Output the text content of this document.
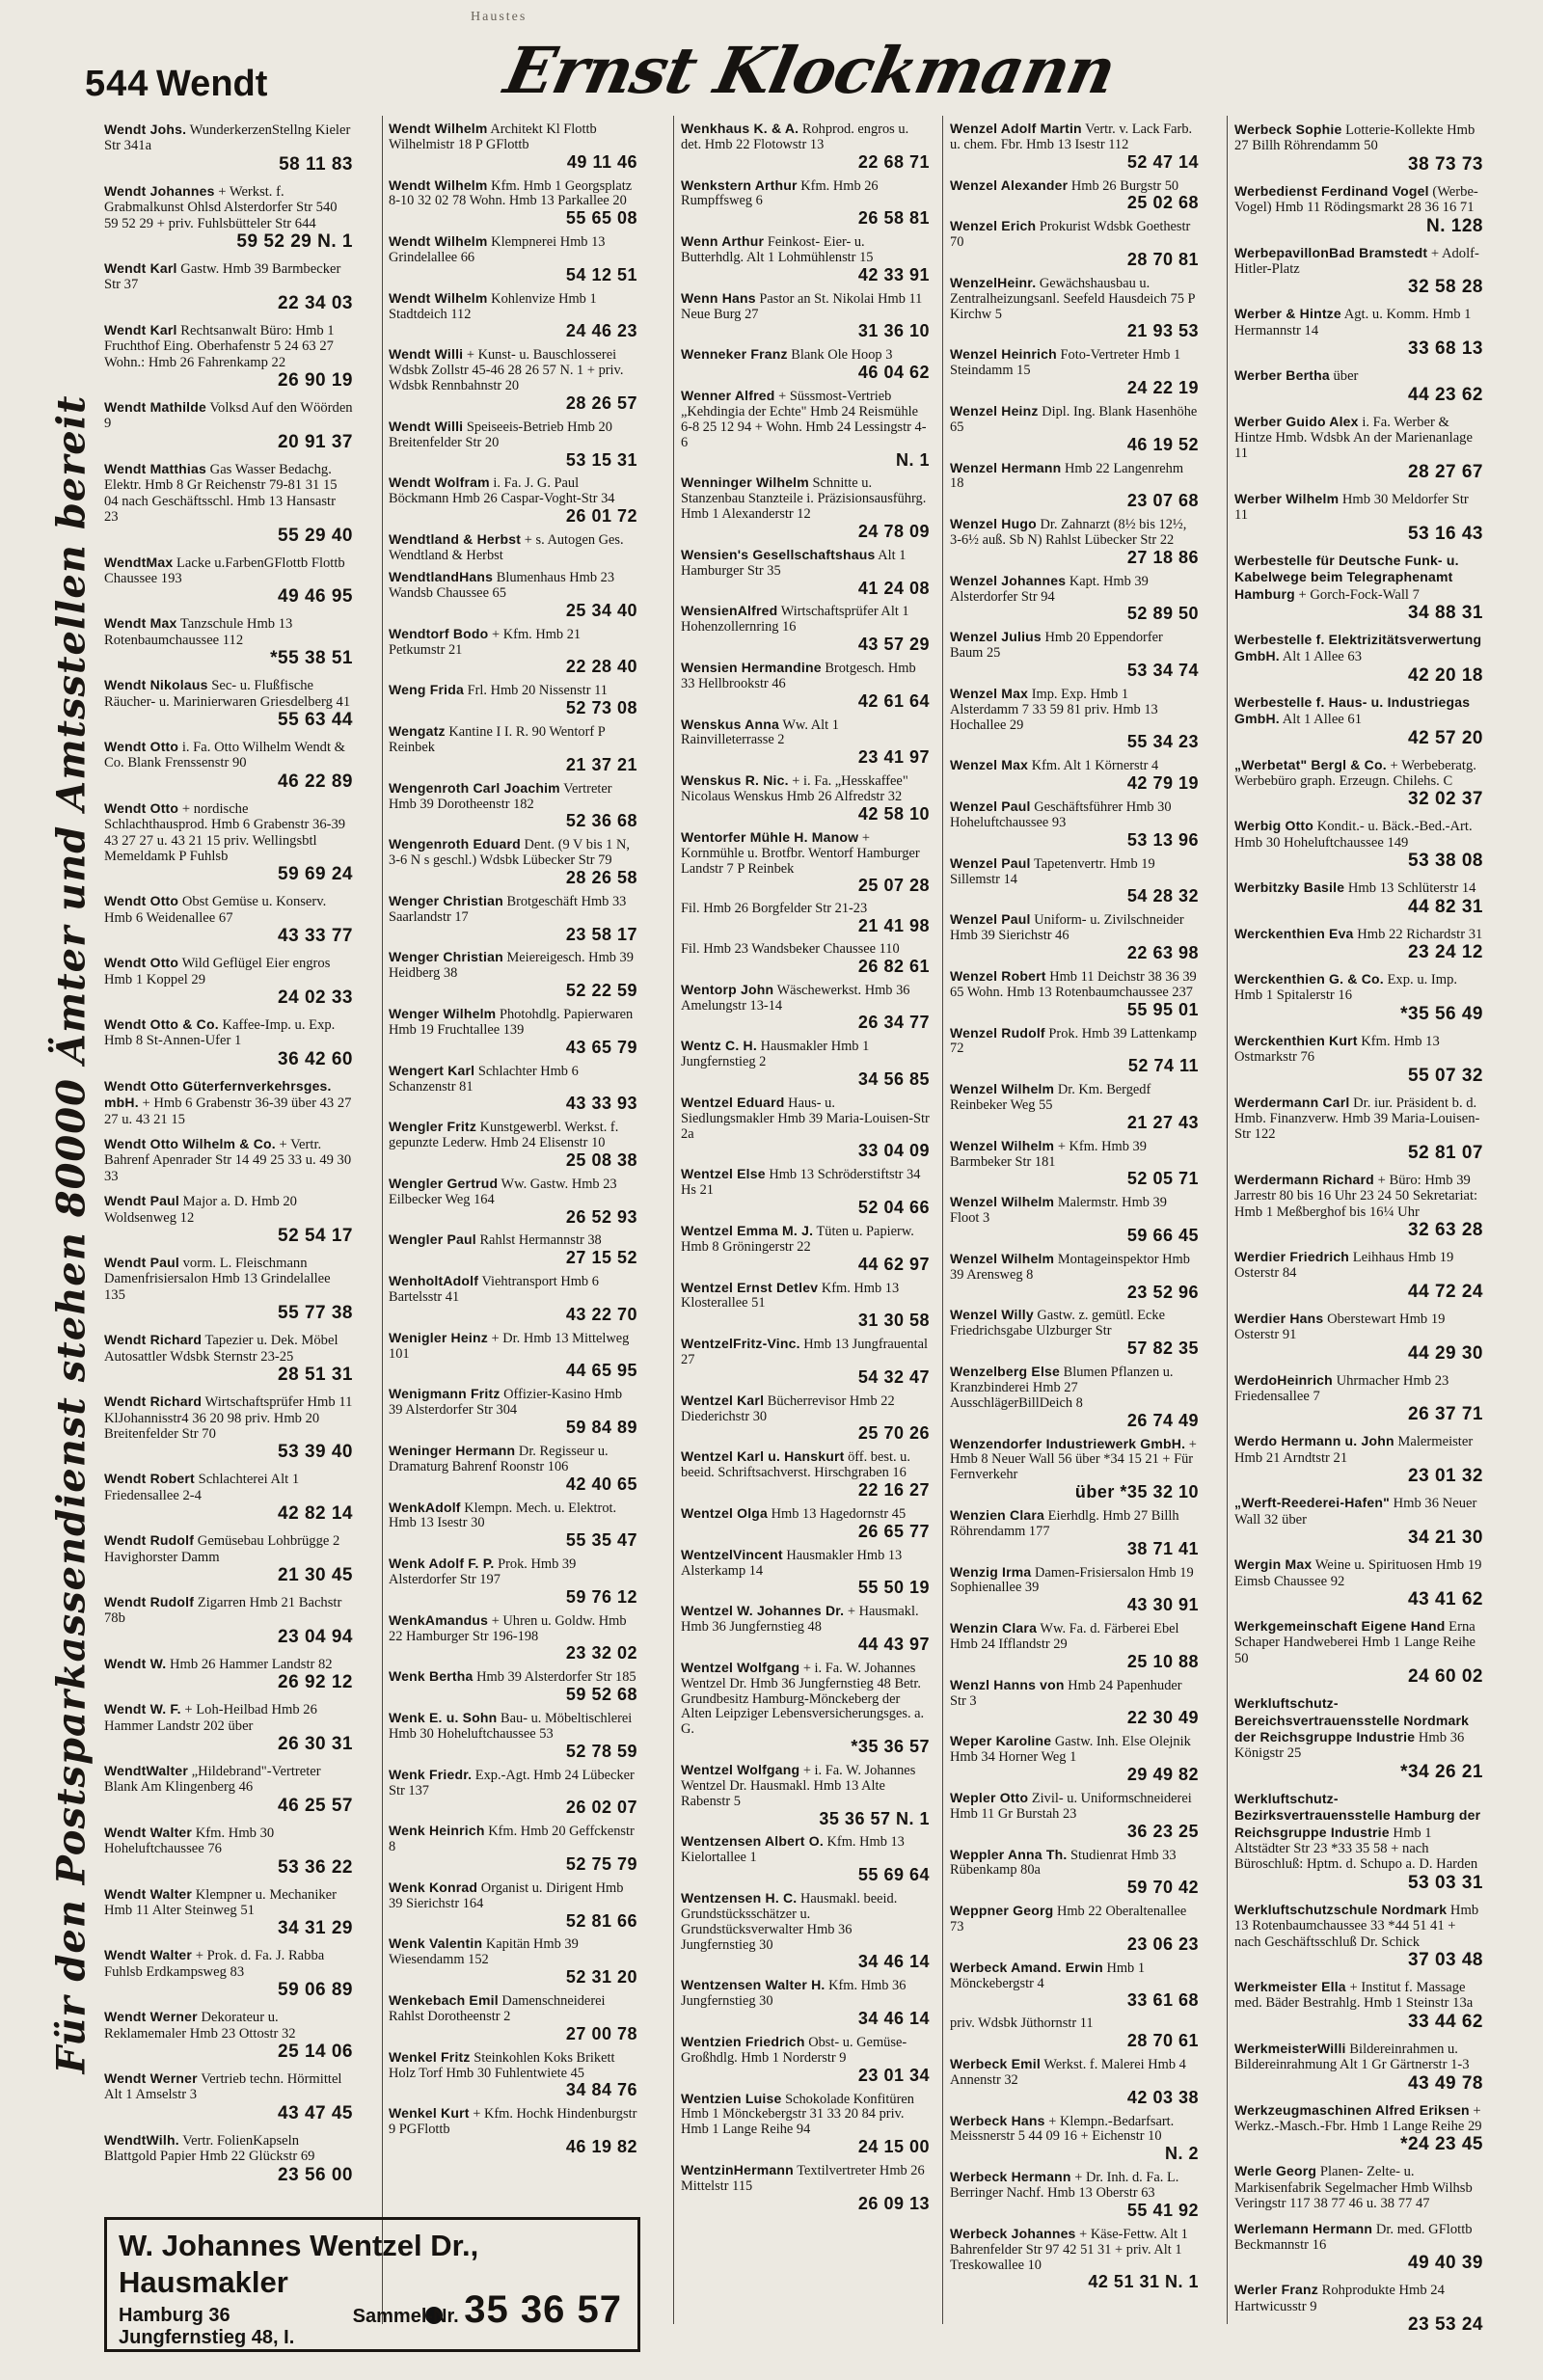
Haustes
544 Wendt	Ernst Klockmann
Für den Postsparkassendienst stehen 80000 Ämter und Amtsstellen bereit
Wendt Johs. WunderkerzenStellng Kieler Str 341a
58 11 83
Wendt Johannes + Werkst. f. Grabmalkunst Ohlsd Alsterdorfer Str 540 59 52 29 + priv. Fuhlsbütteler Str 644
59 52 29 N. 1
Wendt Karl Gastw. Hmb 39 Barmbecker Str 37
22 34 03
Wendt Karl Rechtsanwalt Büro: Hmb 1 Fruchthof Eing. Oberhafenstr 5 24 63 27 Wohn.: Hmb 26 Fahrenkamp 22
26 90 19
Wendt Mathilde Volksd Auf den Wöörden 9
20 91 37
Wendt Matthias Gas Wasser Bedachg. Elektr. Hmb 8 Gr Reichenstr 79-81 31 15 04 nach Geschäftsschl. Hmb 13 Hansastr 23
55 29 40
WendtMax Lacke u.FarbenGFlottb Flottb Chaussee 193
49 46 95
Wendt Max Tanzschule Hmb 13 Rotenbaumchaussee 112
*55 38 51
Wendt Nikolaus Sec- u. Flußfische Räucher- u. Marinierwaren Griesdelberg 41
55 63 44
Wendt Otto i. Fa. Otto Wilhelm Wendt & Co. Blank Frenssenstr 90
46 22 89
Wendt Otto + nordische Schlachthausprod. Hmb 6 Grabenstr 36-39 43 27 27 u. 43 21 15 priv. Wellingsbtl Memeldamk P Fuhlsb
59 69 24
Wendt Otto Obst Gemüse u. Konserv. Hmb 6 Weidenallee 67
43 33 77
Wendt Otto Wild Geflügel Eier engros Hmb 1 Koppel 29
24 02 33
Wendt Otto & Co. Kaffee-Imp. u. Exp. Hmb 8 St-Annen-Ufer 1
36 42 60
Wendt Otto Güterfernverkehrsges. mbH. + Hmb 6 Grabenstr 36-39 über 43 27 27 u. 43 21 15
Wendt Otto Wilhelm & Co. + Vertr. Bahrenf Apenrader Str 14 49 25 33 u. 49 30 33
Wendt Paul Major a. D. Hmb 20 Woldsenweg 12
52 54 17
Wendt Paul vorm. L. Fleischmann Damenfrisiersalon Hmb 13 Grindelallee 135
55 77 38
Wendt Richard Tapezier u. Dek. Möbel Autosattler Wdsbk Sternstr 23-25
28 51 31
Wendt Richard Wirtschaftsprüfer Hmb 11 KlJohannisstr4 36 20 98 priv. Hmb 20 Breitenfelder Str 70
53 39 40
Wendt Robert Schlachterei Alt 1 Friedensallee 2-4
42 82 14
Wendt Rudolf Gemüsebau Lohbrügge 2 Havighorster Damm
21 30 45
Wendt Rudolf Zigarren Hmb 21 Bachstr 78b
23 04 94
Wendt W. Hmb 26 Hammer Landstr 82
26 92 12
Wendt W. F. + Loh-Heilbad Hmb 26 Hammer Landstr 202 über
26 30 31
WendtWalter „Hildebrand"-Vertreter Blank Am Klingenberg 46
46 25 57
Wendt Walter Kfm. Hmb 30 Hoheluftchaussee 76
53 36 22
Wendt Walter Klempner u. Mechaniker Hmb 11 Alter Steinweg 51
34 31 29
Wendt Walter + Prok. d. Fa. J. Rabba Fuhlsb Erdkampsweg 83
59 06 89
Wendt Werner Dekorateur u. Reklamemaler Hmb 23 Ottostr 32
25 14 06
Wendt Werner Vertrieb techn. Hörmittel Alt 1 Amselstr 3
43 47 45
WendtWilh. Vertr. FolienKapseln Blattgold Papier Hmb 22 Glückstr 69
23 56 00
Wendt Wilhelm Architekt Kl Flottb Wilhelmistr 18 P GFlottb
49 11 46
Wendt Wilhelm Kfm. Hmb 1 Georgsplatz 8-10 32 02 78 Wohn. Hmb 13 Parkallee 20
55 65 08
Wendt Wilhelm Klempnerei Hmb 13 Grindelallee 66
54 12 51
Wendt Wilhelm Kohlenvize Hmb 1 Stadtdeich 112
24 46 23
Wendt Willi + Kunst- u. Bauschlosserei Wdsbk Zollstr 45-46 28 26 57 N. 1 + priv. Wdsbk Rennbahnstr 20
28 26 57
Wendt Willi Speiseeis-Betrieb Hmb 20 Breitenfelder Str 20
53 15 31
Wendt Wolfram i. Fa. J. G. Paul Böckmann Hmb 26 Caspar-Voght-Str 34
26 01 72
Wendtland & Herbst + s. Autogen Ges. Wendtland & Herbst
WendtlandHans Blumenhaus Hmb 23 Wandsb Chaussee 65
25 34 40
Wendtorf Bodo + Kfm. Hmb 21 Petkumstr 21
22 28 40
Weng Frida Frl. Hmb 20 Nissenstr 11
52 73 08
Wengatz Kantine I I. R. 90 Wentorf P Reinbek
21 37 21
Wengenroth Carl Joachim Vertreter Hmb 39 Dorotheenstr 182
52 36 68
Wengenroth Eduard Dent. (9 V bis 1 N, 3-6 N s geschl.) Wdsbk Lübecker Str 79
28 26 58
Wenger Christian Brotgeschäft Hmb 33 Saarlandstr 17
23 58 17
Wenger Christian Meiereigesch. Hmb 39 Heidberg 38
52 22 59
Wenger Wilhelm Photohdlg. Papierwaren Hmb 19 Fruchtallee 139
43 65 79
Wengert Karl Schlachter Hmb 6 Schanzenstr 81
43 33 93
Wengler Fritz Kunstgewerbl. Werkst. f. gepunzte Lederw. Hmb 24 Elisenstr 10
25 08 38
Wengler Gertrud Ww. Gastw. Hmb 23 Eilbecker Weg 164
26 52 93
Wengler Paul Rahlst Hermannstr 38
27 15 52
WenholtAdolf Viehtransport Hmb 6 Bartelsstr 41
43 22 70
Wenigler Heinz + Dr. Hmb 13 Mittelweg 101
44 65 95
Wenigmann Fritz Offizier-Kasino Hmb 39 Alsterdorfer Str 304
59 84 89
Weninger Hermann Dr. Regisseur u. Dramaturg Bahrenf Roonstr 106
42 40 65
WenkAdolf Klempn. Mech. u. Elektrot. Hmb 13 Isestr 30
55 35 47
Wenk Adolf F. P. Prok. Hmb 39 Alsterdorfer Str 197
59 76 12
WenkAmandus + Uhren u. Goldw. Hmb 22 Hamburger Str 196-198
23 32 02
Wenk Bertha Hmb 39 Alsterdorfer Str 185
59 52 68
Wenk E. u. Sohn Bau- u. Möbeltischlerei Hmb 30 Hoheluftchaussee 53
52 78 59
Wenk Friedr. Exp.-Agt. Hmb 24 Lübecker Str 137
26 02 07
Wenk Heinrich Kfm. Hmb 20 Geffckenstr 8
52 75 79
Wenk Konrad Organist u. Dirigent Hmb 39 Sierichstr 164
52 81 66
Wenk Valentin Kapitän Hmb 39 Wiesendamm 152
52 31 20
Wenkebach Emil Damenschneiderei Rahlst Dorotheenstr 2
27 00 78
Wenkel Fritz Steinkohlen Koks Brikett Holz Torf Hmb 30 Fuhlentwiete 45
34 84 76
Wenkel Kurt + Kfm. Hochk Hindenburgstr 9 PGFlottb
46 19 82
Wenkhaus K. & A. Rohprod. engros u. det. Hmb 22 Flotowstr 13
22 68 71
Wenkstern Arthur Kfm. Hmb 26 Rumpffsweg 6
26 58 81
Wenn Arthur Feinkost- Eier- u. Butterhdlg. Alt 1 Lohmühlenstr 15
42 33 91
Wenn Hans Pastor an St. Nikolai Hmb 11 Neue Burg 27
31 36 10
Wenneker Franz Blank Ole Hoop 3
46 04 62
Wenner Alfred + Süssmost-Vertrieb „Kehdingia der Echte" Hmb 24 Reismühle 6-8 25 12 94 + Wohn. Hmb 24 Lessingstr 4-6
N. 1
Wenninger Wilhelm Schnitte u. Stanzenbau Stanzteile i. Präzisionsausführg. Hmb 1 Alexanderstr 12
24 78 09
Wensien's Gesellschaftshaus Alt 1 Hamburger Str 35
41 24 08
WensienAlfred Wirtschaftsprüfer Alt 1 Hohenzollernring 16
43 57 29
Wensien Hermandine Brotgesch. Hmb 33 Hellbrookstr 46
42 61 64
Wenskus Anna Ww. Alt 1 Rainvilleterrasse 2
23 41 97
Wenskus R. Nic. + i. Fa. „Hesskaffee" Nicolaus Wenskus Hmb 26 Alfredstr 32
42 58 10
Wentorfer Mühle H. Manow + Kornmühle u. Brotfbr. Wentorf Hamburger Landstr 7 P Reinbek
25 07 28
Fil. Hmb 26 Borgfelder Str 21-23
21 41 98
Fil. Hmb 23 Wandsbeker Chaussee 110
26 82 61
Wentorp John Wäschewerkst. Hmb 36 Amelungstr 13-14
26 34 77
Wentz C. H. Hausmakler Hmb 1 Jungfernstieg 2
34 56 85
Wentzel Eduard Haus- u. Siedlungsmakler Hmb 39 Maria-Louisen-Str 2a
33 04 09
Wentzel Else Hmb 13 Schröderstiftstr 34 Hs 21
52 04 66
Wentzel Emma M. J. Tüten u. Papierw. Hmb 8 Gröningerstr 22
44 62 97
Wentzel Ernst Detlev Kfm. Hmb 13 Klosterallee 51
31 30 58
WentzelFritz-Vinc. Hmb 13 Jungfrauental 27
54 32 47
Wentzel Karl Bücherrevisor Hmb 22 Diederichstr 30
25 70 26
Wentzel Karl u. Hanskurt öff. best. u. beeid. Schriftsachverst. Hirschgraben 16
22 16 27
Wentzel Olga Hmb 13 Hagedornstr 45
26 65 77
WentzelVincent Hausmakler Hmb 13 Alsterkamp 14
55 50 19
Wentzel W. Johannes Dr. + Hausmakl. Hmb 36 Jungfernstieg 48
44 43 97
Wentzel Wolfgang + i. Fa. W. Johannes Wentzel Dr. Hmb 36 Jungfernstieg 48 Betr. Grundbesitz Hamburg-Mönckeberg der Alten Leipziger Lebensversicherungsges. a. G.
*35 36 57
Wentzel Wolfgang + i. Fa. W. Johannes Wentzel Dr. Hausmakl. Hmb 13 Alte Rabenstr 5
35 36 57 N. 1
Wentzensen Albert O. Kfm. Hmb 13 Kielortallee 1
55 69 64
Wentzensen H. C. Hausmakl. beeid. Grundstücksschätzer u. Grundstücksverwalter Hmb 36 Jungfernstieg 30
34 46 14
Wentzensen Walter H. Kfm. Hmb 36 Jungfernstieg 30
34 46 14
Wentzien Friedrich Obst- u. Gemüse-Großhdlg. Hmb 1 Norderstr 9
23 01 34
Wentzien Luise Schokolade Konfitüren Hmb 1 Mönckebergstr 31 33 20 84 priv. Hmb 1 Lange Reihe 94
24 15 00
WentzinHermann Textilvertreter Hmb 26 Mittelstr 115
26 09 13
Wenzel Adolf Martin Vertr. v. Lack Farb. u. chem. Fbr. Hmb 13 Isestr 112
52 47 14
Wenzel Alexander Hmb 26 Burgstr 50
25 02 68
Wenzel Erich Prokurist Wdsbk Goethestr 70
28 70 81
WenzelHeinr. Gewächshausbau u. Zentralheizungsanl. Seefeld Hausdeich 75 P Kirchw 5
21 93 53
Wenzel Heinrich Foto-Vertreter Hmb 1 Steindamm 15
24 22 19
Wenzel Heinz Dipl. Ing. Blank Hasenhöhe 65
46 19 52
Wenzel Hermann Hmb 22 Langenrehm 18
23 07 68
Wenzel Hugo Dr. Zahnarzt (8½ bis 12½, 3-6½ auß. Sb N) Rahlst Lübecker Str 22
27 18 86
Wenzel Johannes Kapt. Hmb 39 Alsterdorfer Str 94
52 89 50
Wenzel Julius Hmb 20 Eppendorfer Baum 25
53 34 74
Wenzel Max Imp. Exp. Hmb 1 Alsterdamm 7 33 59 81 priv. Hmb 13 Hochallee 29
55 34 23
Wenzel Max Kfm. Alt 1 Körnerstr 4
42 79 19
Wenzel Paul Geschäftsführer Hmb 30 Hoheluftchaussee 93
53 13 96
Wenzel Paul Tapetenvertr. Hmb 19 Sillemstr 14
54 28 32
Wenzel Paul Uniform- u. Zivilschneider Hmb 39 Sierichstr 46
22 63 98
Wenzel Robert Hmb 11 Deichstr 38 36 39 65 Wohn. Hmb 13 Rotenbaumchaussee 237
55 95 01
Wenzel Rudolf Prok. Hmb 39 Lattenkamp 72
52 74 11
Wenzel Wilhelm Dr. Km. Bergedf Reinbeker Weg 55
21 27 43
Wenzel Wilhelm + Kfm. Hmb 39 Barmbeker Str 181
52 05 71
Wenzel Wilhelm Malermstr. Hmb 39 Floot 3
59 66 45
Wenzel Wilhelm Montageinspektor Hmb 39 Arensweg 8
23 52 96
Wenzel Willy Gastw. z. gemütl. Ecke Friedrichsgabe Ulzburger Str
57 82 35
Wenzelberg Else Blumen Pflanzen u. Kranzbinderei Hmb 27 AusschlägerBillDeich 8
26 74 49
Wenzendorfer Industriewerk GmbH. + Hmb 8 Neuer Wall 56 über *34 15 21 + Für Fernverkehr
über *35 32 10
Wenzien Clara Eierhdlg. Hmb 27 Billh Röhrendamm 177
38 71 41
Wenzig Irma Damen-Frisiersalon Hmb 19 Sophienallee 39
43 30 91
Wenzin Clara Ww. Fa. d. Färberei Ebel Hmb 24 Ifflandstr 29
25 10 88
Wenzl Hanns von Hmb 24 Papenhuder Str 3
22 30 49
Weper Karoline Gastw. Inh. Else Olejnik Hmb 34 Horner Weg 1
29 49 82
Wepler Otto Zivil- u. Uniformschneiderei Hmb 11 Gr Burstah 23
36 23 25
Weppler Anna Th. Studienrat Hmb 33 Rübenkamp 80a
59 70 42
Weppner Georg Hmb 22 Oberaltenallee 73
23 06 23
Werbeck Amand. Erwin Hmb 1 Mönckebergstr 4
33 61 68
priv. Wdsbk Jüthornstr 11
28 70 61
Werbeck Emil Werkst. f. Malerei Hmb 4 Annenstr 32
42 03 38
Werbeck Hans + Klempn.-Bedarfsart. Meissnerstr 5 44 09 16 + Eichenstr 10
N. 2
Werbeck Hermann + Dr. Inh. d. Fa. L. Berringer Nachf. Hmb 13 Oberstr 63
55 41 92
Werbeck Johannes + Käse-Fettw. Alt 1 Bahrenfelder Str 97 42 51 31 + priv. Alt 1 Treskowallee 10
42 51 31 N. 1
Werbeck Sophie Lotterie-Kollekte Hmb 27 Billh Röhrendamm 50
38 73 73
Werbedienst Ferdinand Vogel (Werbe-Vogel) Hmb 11 Rödingsmarkt 28 36 16 71
N. 128
WerbepavillonBad Bramstedt + Adolf-Hitler-Platz
32 58 28
Werber & Hintze Agt. u. Komm. Hmb 1 Hermannstr 14
33 68 13
Werber Bertha über
44 23 62
Werber Guido Alex i. Fa. Werber & Hintze Hmb. Wdsbk An der Marienanlage 11
28 27 67
Werber Wilhelm Hmb 30 Meldorfer Str 11
53 16 43
Werbestelle für Deutsche Funk- u. Kabelwege beim Telegraphenamt Hamburg + Gorch-Fock-Wall 7
34 88 31
Werbestelle f. Elektrizitätsverwertung GmbH. Alt 1 Allee 63
42 20 18
Werbestelle f. Haus- u. Industriegas GmbH. Alt 1 Allee 61
42 57 20
„Werbetat" Bergl & Co. + Werbeberatg. Werbebüro graph. Erzeugn. Chilehs. C
32 02 37
Werbig Otto Kondit.- u. Bäck.-Bed.-Art. Hmb 30 Hoheluftchaussee 149
53 38 08
Werbitzky Basile Hmb 13 Schlüterstr 14
44 82 31
Werckenthien Eva Hmb 22 Richardstr 31
23 24 12
Werckenthien G. & Co. Exp. u. Imp. Hmb 1 Spitalerstr 16
*35 56 49
Werckenthien Kurt Kfm. Hmb 13 Ostmarkstr 76
55 07 32
Werdermann Carl Dr. iur. Präsident b. d. Hmb. Finanzverw. Hmb 39 Maria-Louisen-Str 122
52 81 07
Werdermann Richard + Büro: Hmb 39 Jarrestr 80 bis 16 Uhr 23 24 50 Sekretariat: Hmb 1 Meßberghof bis 16¼ Uhr
32 63 28
Werdier Friedrich Leihhaus Hmb 19 Osterstr 84
44 72 24
Werdier Hans Oberstewart Hmb 19 Osterstr 91
44 29 30
WerdoHeinrich Uhrmacher Hmb 23 Friedensallee 7
26 37 71
Werdo Hermann u. John Malermeister Hmb 21 Arndtstr 21
23 01 32
„Werft-Reederei-Hafen" Hmb 36 Neuer Wall 32 über
34 21 30
Wergin Max Weine u. Spirituosen Hmb 19 Eimsb Chaussee 92
43 41 62
Werkgemeinschaft Eigene Hand Erna Schaper Handweberei Hmb 1 Lange Reihe 50
24 60 02
Werkluftschutz-Bereichsvertrauensstelle Nordmark der Reichsgruppe Industrie Hmb 36 Königstr 25
*34 26 21
Werkluftschutz-Bezirksvertrauensstelle Hamburg der Reichsgruppe Industrie Hmb 1 Altstädter Str 23 *33 35 58 + nach Büroschluß: Hptm. d. Schupo a. D. Harden
53 03 31
Werkluftschutzschule Nordmark Hmb 13 Rotenbaumchaussee 33 *44 51 41 + nach Geschäftsschluß Dr. Schick
37 03 48
Werkmeister Ella + Institut f. Massage med. Bäder Bestrahlg. Hmb 1 Steinstr 13a
33 44 62
WerkmeisterWilli Bildereinrahmen u. Bildereinrahmung Alt 1 Gr Gärtnerstr 1-3
43 49 78
Werkzeugmaschinen Alfred Eriksen + Werkz.-Masch.-Fbr. Hmb 1 Lange Reihe 29
*24 23 45
Werle Georg Planen- Zelte- u. Markisenfabrik Segelmacher Hmb Wilhsb Veringstr 117 38 77 46 u. 38 77 47
Werlemann Hermann Dr. med. GFlottb Beckmannstr 16
49 40 39
Werler Franz Rohprodukte Hmb 24 Hartwicusstr 9
23 53 24
W. Johannes Wentzel Dr., Hausmakler
Hamburg 36
Jungfernstieg 48, I.
Sammel-Nr. 35 36 57
